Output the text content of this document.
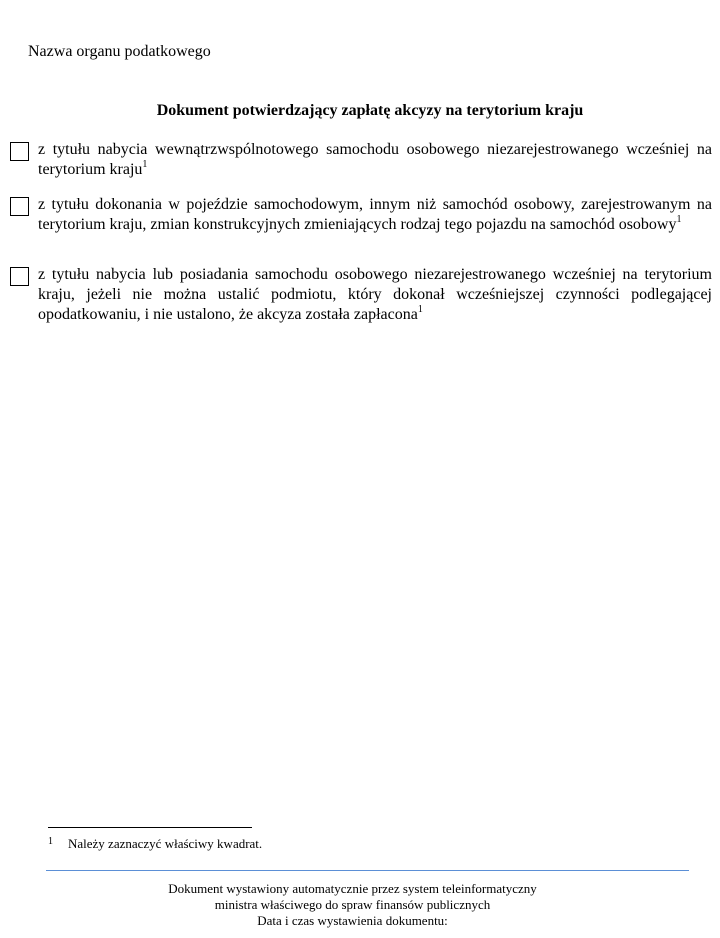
Nazwa organu podatkowego
Dokument potwierdzający zapłatę akcyzy na terytorium kraju
z tytułu nabycia wewnątrzwspólnotowego samochodu osobowego niezarejestrowanego wcześniej na terytorium kraju$^1$
z tytułu dokonania w pojeździe samochodowym, innym niż samochód osobowy, zarejestrowanym na terytorium kraju, zmian konstrukcyjnych zmieniających rodzaj tego pojazdu na samochód osobowy$^1$
z tytułu nabycia lub posiadania samochodu osobowego niezarejestrowanego wcześniej na terytorium kraju, jeżeli nie można ustalić podmiotu, który dokonał wcześniejszej czynności podlegającej opodatkowaniu, i nie ustalono, że akcyza została zapłacona$^1$
1 Należy zaznaczyć właściwy kwadrat.
Dokument wystawiony automatycznie przez system teleinformatyczny
ministra właściwego do spraw finansów publicznych
Data i czas wystawienia dokumentu:
